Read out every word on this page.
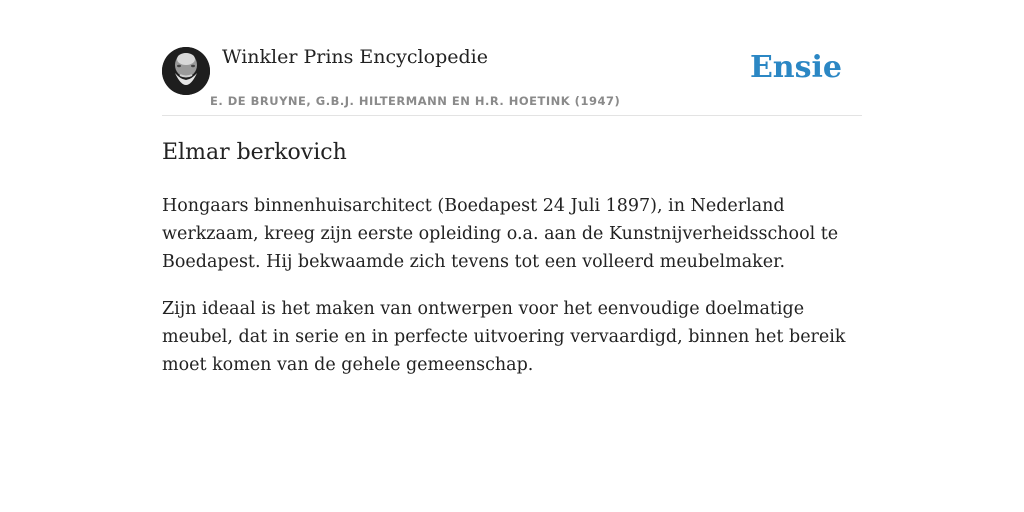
Winkler Prins Encyclopedie
E. DE BRUYNE, G.B.J. HILTERMANN EN H.R. HOETINK (1947)
Ensie
Elmar berkovich

Hongaars binnenhuisarchitect (Boedapest 24 Juli 1897), in Nederland werkzaam, kreeg zijn eerste opleiding o.a. aan de Kunstnijverheidsschool te Boedapest. Hij bekwaamde zich tevens tot een volleerd meubelmaker.

Zijn ideaal is het maken van ontwerpen voor het eenvoudige doelmatige meubel, dat in serie en in perfecte uitvoering vervaardigd, binnen het bereik moet komen van de gehele gemeenschap.
